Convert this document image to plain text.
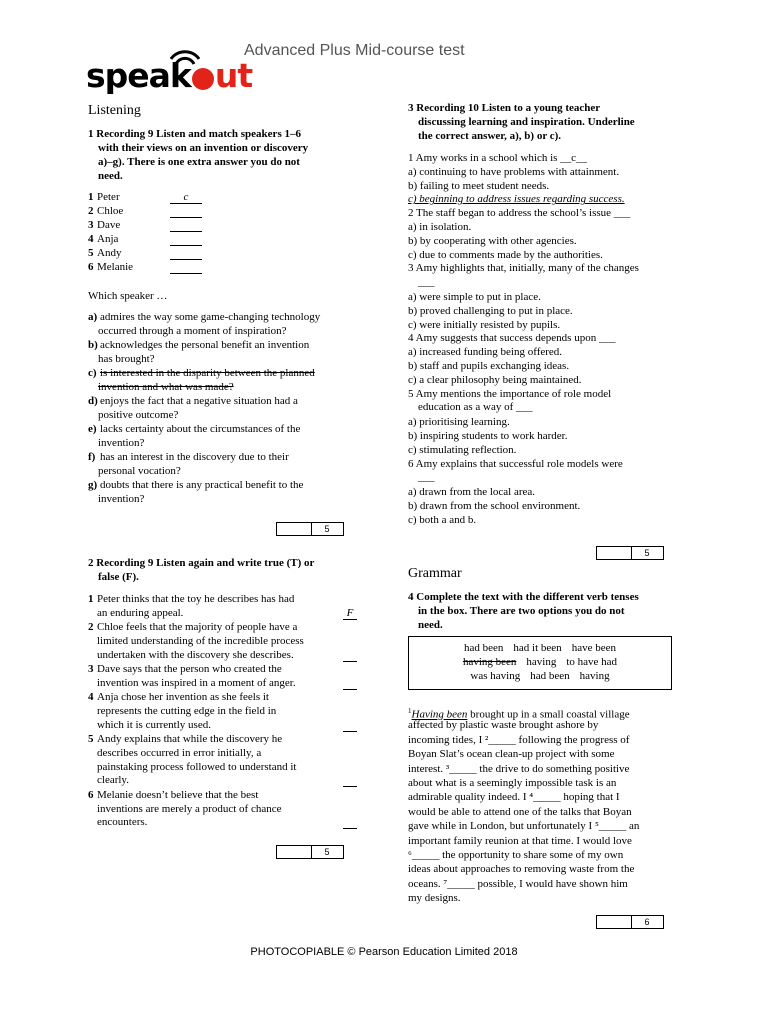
Advanced Plus Mid-course test
speak ut
Listening
Grammar
had been had it been have been
having been having to have had
was having had been having
5
5
5
6
PHOTOCOPIABLE © Pearson Education Limited 2018
1 Recording 9 Listen and match speakers 1–6
with their views on an invention or discovery
a)–g). There is one extra answer you do not
need.
1 Peter	c
2 Chloe
3 Dave
4 Anja
5 Andy
6 Melanie
Which speaker …
a) admires the way some game-changing technology
occurred through a moment of inspiration?
b) acknowledges the personal benefit an invention
has brought?
c) is interested in the disparity between the planned
invention and what was made?
d) enjoys the fact that a negative situation had a
positive outcome?
e) lacks certainty about the circumstances of the
invention?
f) has an interest in the discovery due to their
personal vocation?
g) doubts that there is any practical benefit to the
invention?
2 Recording 9 Listen again and write true (T) or
false (F).
1 Peter thinks that the toy he describes has had
an enduring appeal.	F
2 Chloe feels that the majority of people have a
limited understanding of the incredible process
undertaken with the discovery she describes.
3 Dave says that the person who created the
invention was inspired in a moment of anger.
4 Anja chose her invention as she feels it
represents the cutting edge in the field in
which it is currently used.
5 Andy explains that while the discovery he
describes occurred in error initially, a
painstaking process followed to understand it
clearly.
6 Melanie doesn’t believe that the best
inventions are merely a product of chance
encounters.
3 Recording 10 Listen to a young teacher
discussing learning and inspiration. Underline
the correct answer, a), b) or c).
1 Amy works in a school which is __c__
a) continuing to have problems with attainment.
b) failing to meet student needs.
c) beginning to address issues regarding success.
2 The staff began to address the school’s issue ___
a) in isolation.
b) by cooperating with other agencies.
c) due to comments made by the authorities.
3 Amy highlights that, initially, many of the changes
___
a) were simple to put in place.
b) proved challenging to put in place.
c) were initially resisted by pupils.
4 Amy suggests that success depends upon ___
a) increased funding being offered.
b) staff and pupils exchanging ideas.
c) a clear philosophy being maintained.
5 Amy mentions the importance of role model
education as a way of ___
a) prioritising learning.
b) inspiring students to work harder.
c) stimulating reflection.
6 Amy explains that successful role models were
___
a) drawn from the local area.
b) drawn from the school environment.
c) both a and b.
4 Complete the text with the different verb tenses
in the box. There are two options you do not
need.
$^1$Having been brought up in a small coastal village
affected by plastic waste brought ashore by
incoming tides, I ²_____ following the progress of
Boyan Slat’s ocean clean-up project with some
interest. ³_____ the drive to do something positive
about what is a seemingly impossible task is an
admirable quality indeed. I ⁴_____ hoping that I
would be able to attend one of the talks that Boyan
gave while in London, but unfortunately I ⁵_____ an
important family reunion at that time. I would love
⁶_____ the opportunity to share some of my own
ideas about approaches to removing waste from the
oceans. ⁷_____ possible, I would have shown him
my designs.
